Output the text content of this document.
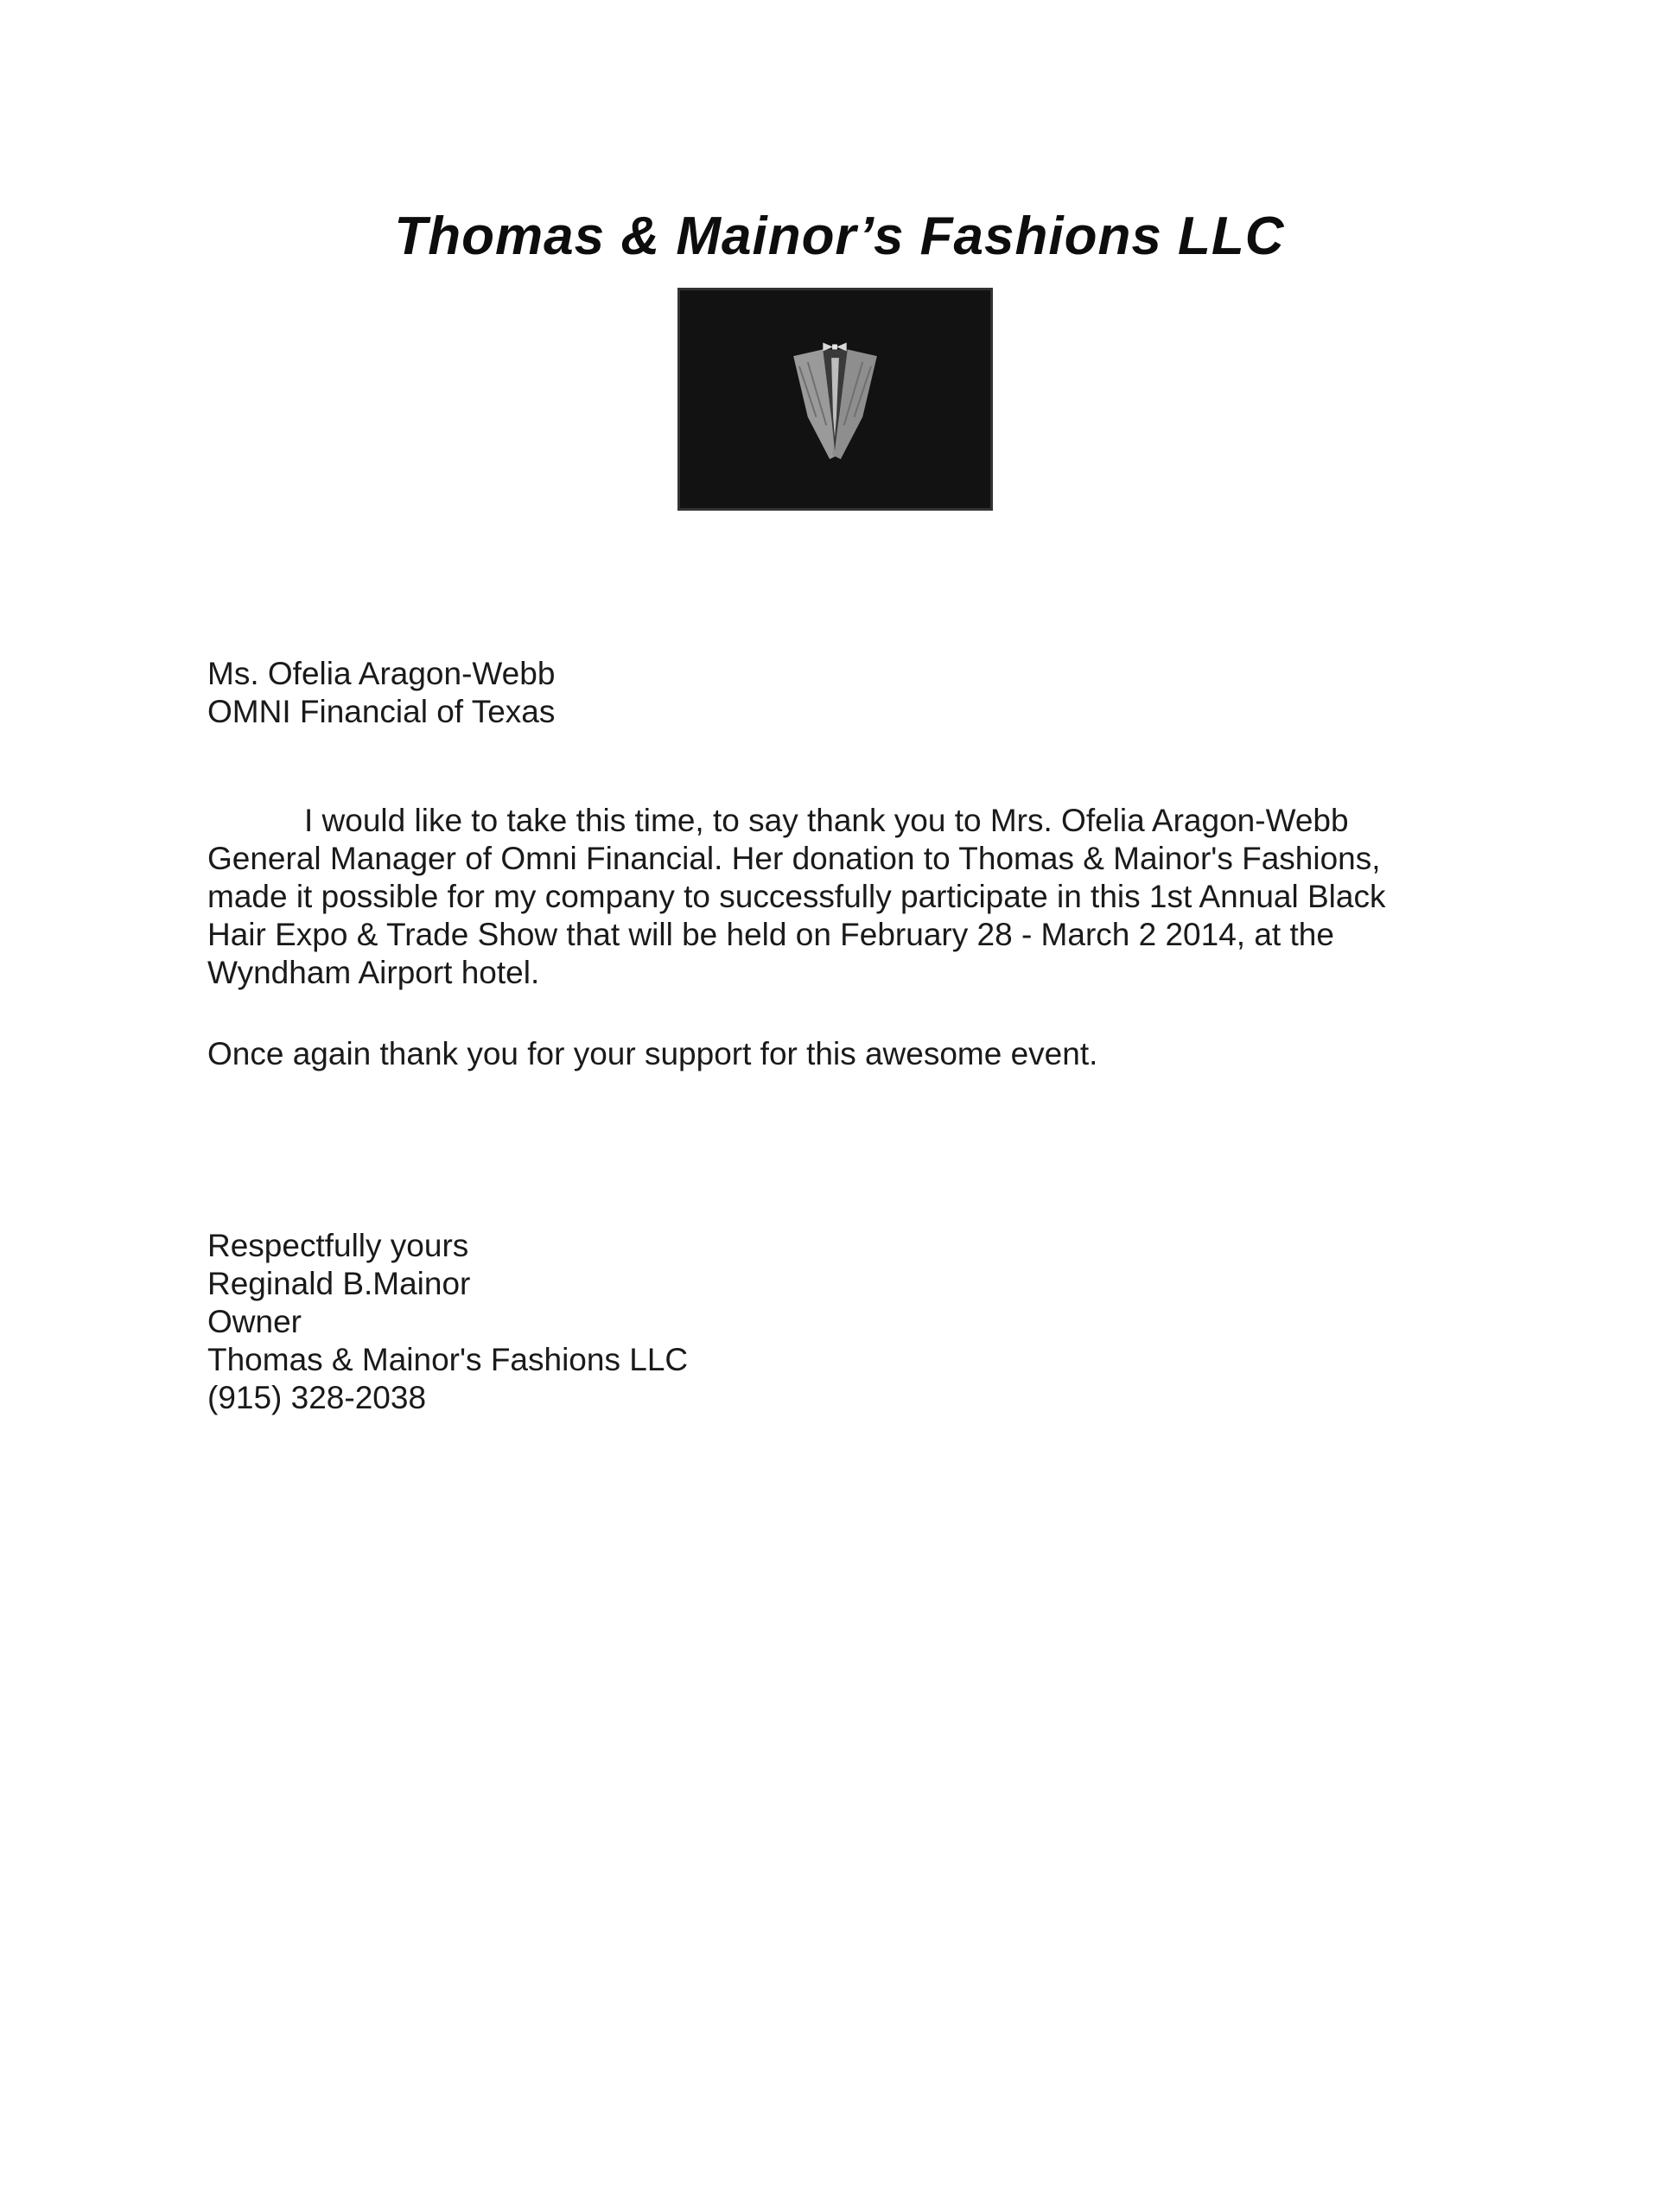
Thomas & Mainor’s Fashions LLC
Ms. Ofelia Aragon-Webb
OMNI Financial of Texas
I would like to take this time, to say thank you to Mrs. Ofelia Aragon-Webb
General Manager of Omni Financial. Her donation to Thomas & Mainor's Fashions,
made it possible for my company to successfully participate in this 1st Annual Black
Hair Expo & Trade Show that will be held on February 28 - March 2 2014, at the
Wyndham Airport hotel.
Once again thank you for your support for this awesome event.
Respectfully yours
Reginald B.Mainor
Owner
Thomas & Mainor's Fashions LLC
(915) 328-2038
